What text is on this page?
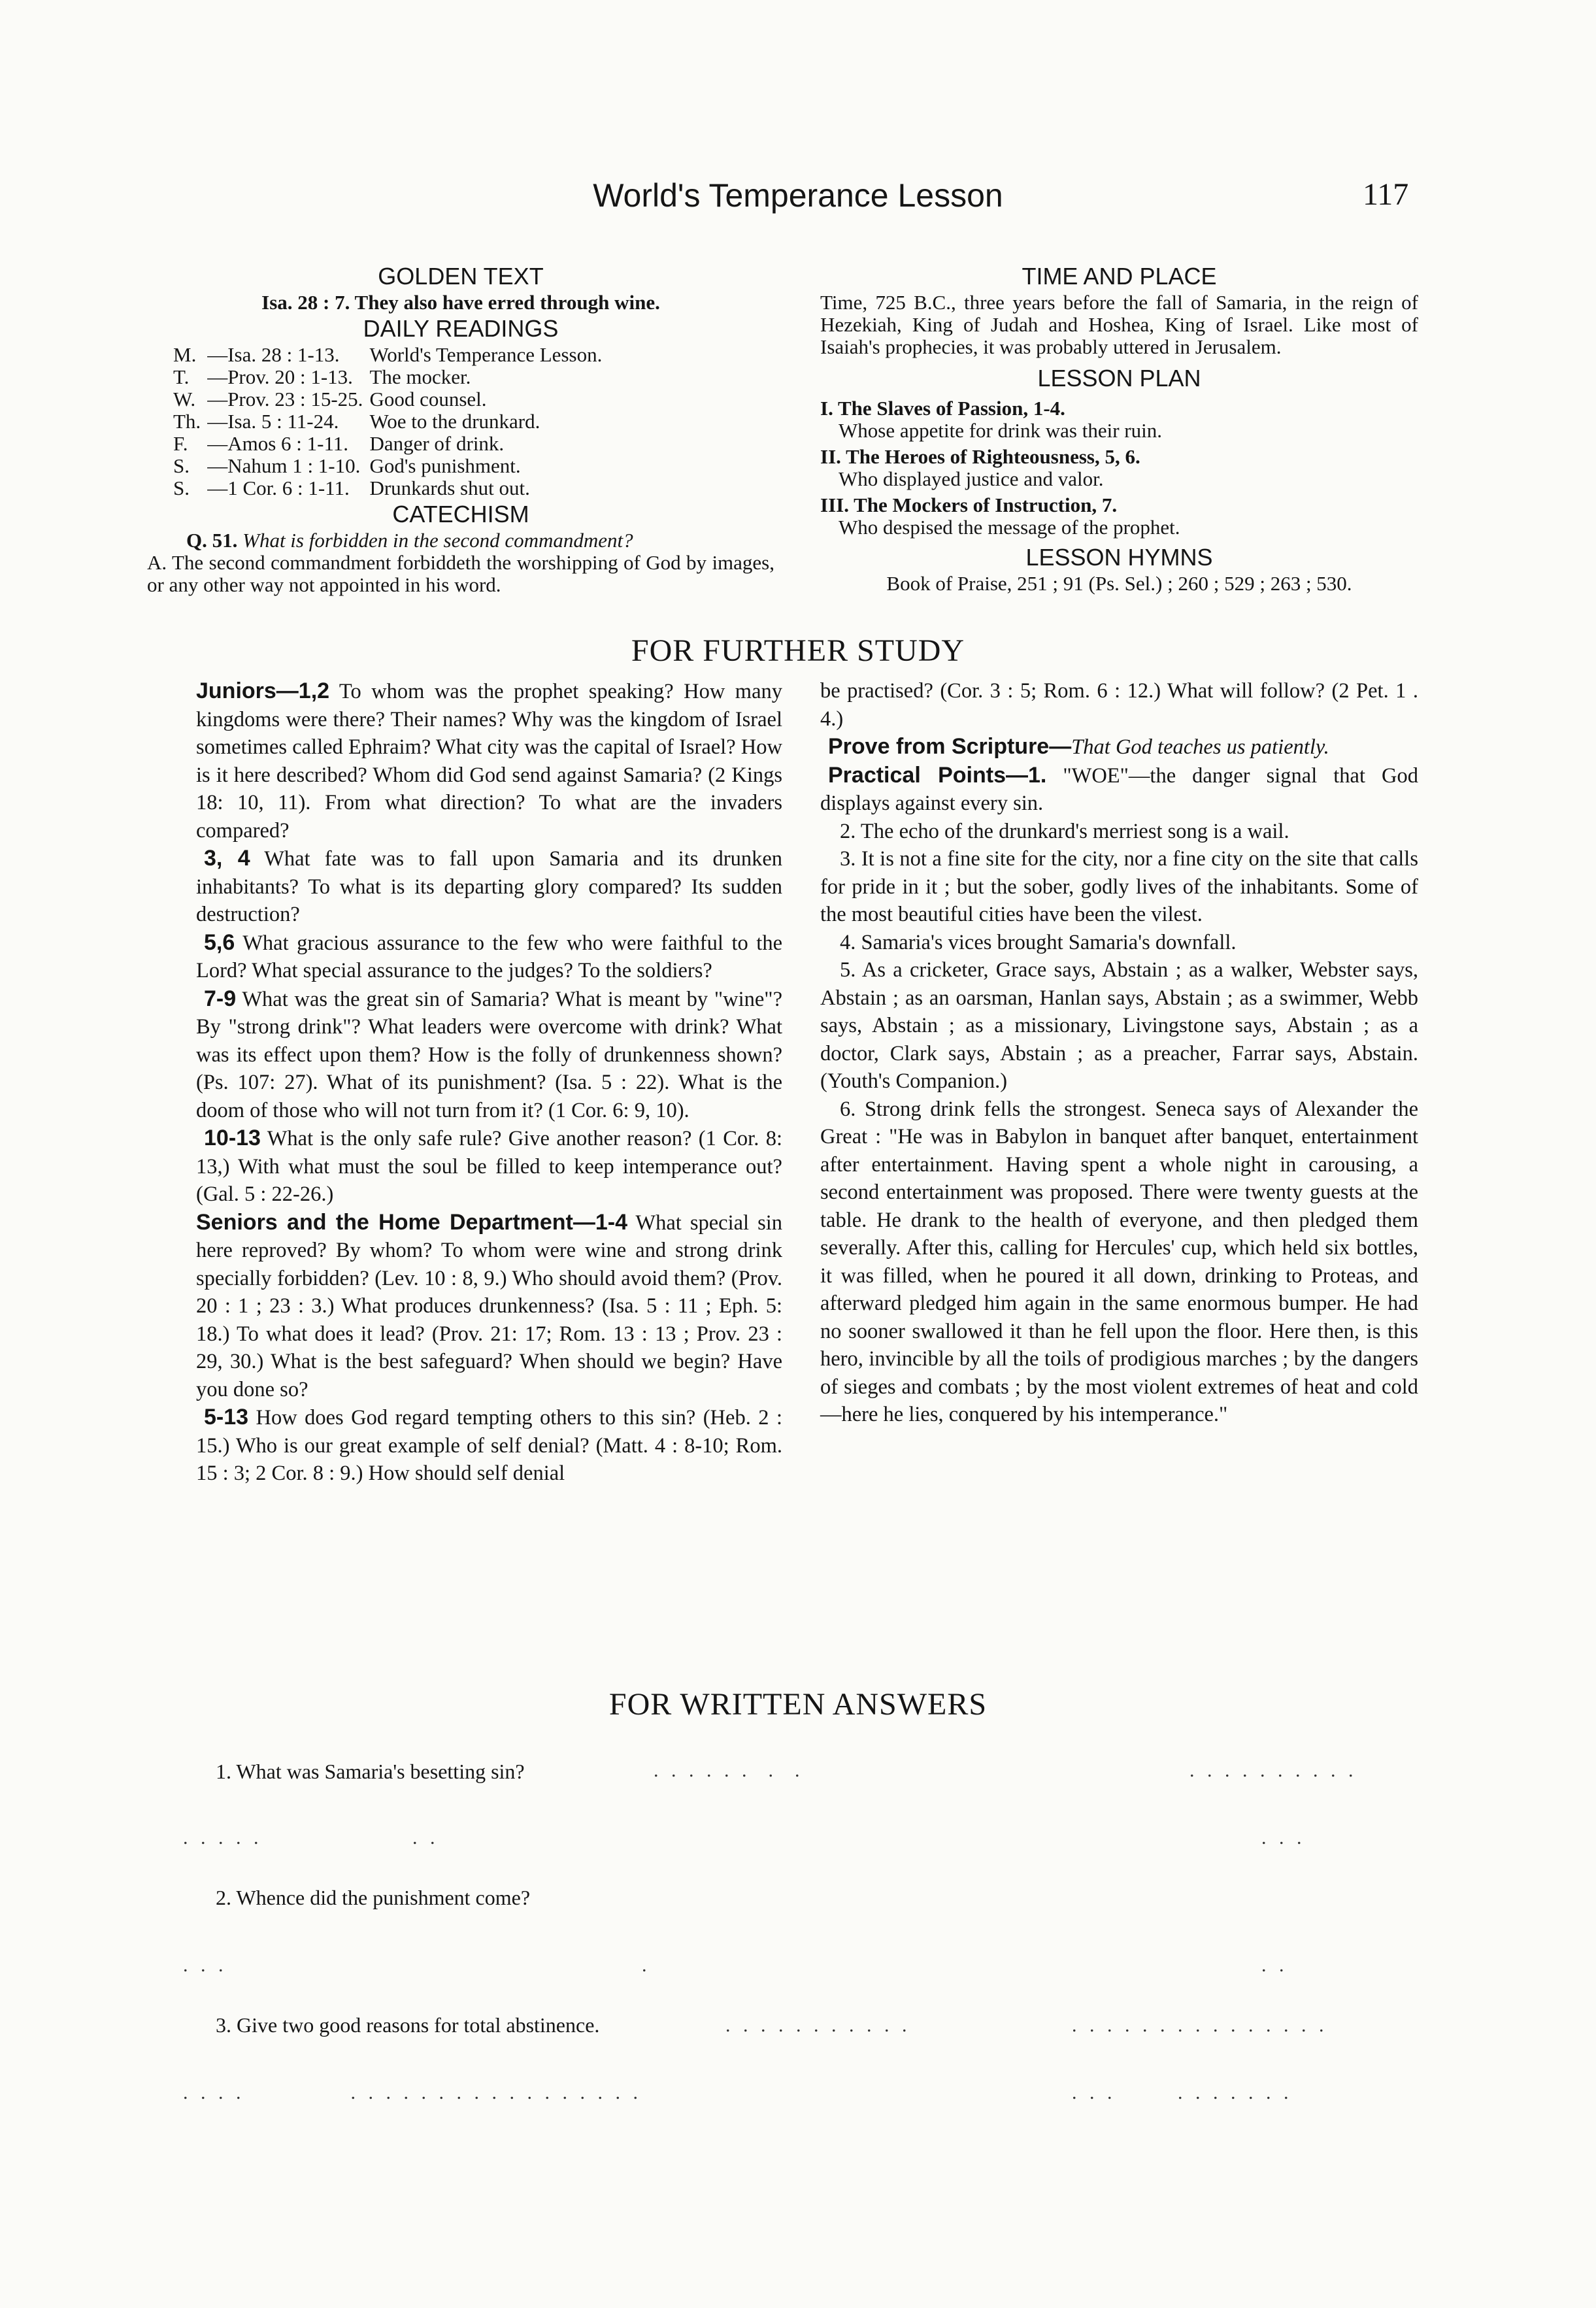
World's Temperance Lesson	117

GOLDEN TEXT

Isa. 28 : 7. They also have erred through wine.

DAILY READINGS

M.	—Isa. 28 : 1-13.	World's Temperance Lesson.
T.	—Prov. 20 : 1-13.	The mocker.
W.	—Prov. 23 : 15-25.	Good counsel.
Th.	—Isa. 5 : 11-24.	Woe to the drunkard.
F.	—Amos 6 : 1-11.	Danger of drink.
S.	—Nahum 1 : 1-10.	God's punishment.
S.	—1 Cor. 6 : 1-11.	Drunkards shut out.

CATECHISM

Q. 51. What is forbidden in the second commandment?
A. The second commandment forbiddeth the worshipping of God by images, or any other way not appointed in his word.

TIME AND PLACE

Time, 725 B.C., three years before the fall of Samaria, in the reign of Hezekiah, King of Judah and Hoshea, King of Israel. Like most of Isaiah's prophecies, it was probably uttered in Jerusalem.

LESSON PLAN

I. The Slaves of Passion, 1-4.
Whose appetite for drink was their ruin.
II. The Heroes of Righteousness, 5, 6.
Who displayed justice and valor.
III. The Mockers of Instruction, 7.
Who despised the message of the prophet.

LESSON HYMNS

Book of Praise, 251 ; 91 (Ps. Sel.) ; 260 ; 529 ; 263 ; 530.
FOR FURTHER STUDY

Juniors—1,2 To whom was the prophet speaking? How many kingdoms were there? Their names? Why was the kingdom of Israel sometimes called Ephraim? What city was the capital of Israel? How is it here described? Whom did God send against Samaria? (2 Kings 18: 10, 11). From what direction? To what are the invaders compared?

3, 4 What fate was to fall upon Samaria and its drunken inhabitants? To what is its departing glory compared? Its sudden destruction?

5,6 What gracious assurance to the few who were faithful to the Lord? What special assurance to the judges? To the soldiers?

7-9 What was the great sin of Samaria? What is meant by "wine"? By "strong drink"? What leaders were overcome with drink? What was its effect upon them? How is the folly of drunkenness shown? (Ps. 107: 27). What of its punishment? (Isa. 5 : 22). What is the doom of those who will not turn from it? (1 Cor. 6: 9, 10).

10-13 What is the only safe rule? Give another reason? (1 Cor. 8: 13,) With what must the soul be filled to keep intemperance out? (Gal. 5 : 22-26.)

Seniors and the Home Department—1-4 What special sin here reproved? By whom? To whom were wine and strong drink specially forbidden? (Lev. 10 : 8, 9.) Who should avoid them? (Prov. 20 : 1 ; 23 : 3.) What produces drunkenness? (Isa. 5 : 11 ; Eph. 5: 18.) To what does it lead? (Prov. 21: 17; Rom. 13 : 13 ; Prov. 23 : 29, 30.) What is the best safeguard? When should we begin? Have you done so?

5-13 How does God regard tempting others to this sin? (Heb. 2 : 15.) Who is our great example of self denial? (Matt. 4 : 8-10; Rom. 15 : 3; 2 Cor. 8 : 9.) How should self denial

be practised? (Cor. 3 : 5; Rom. 6 : 12.) What will follow? (2 Pet. 1 . 4.)

Prove from Scripture—That God teaches us patiently.

Practical Points—1. "WOE"—the danger signal that God displays against every sin.

2. The echo of the drunkard's merriest song is a wail.

3. It is not a fine site for the city, nor a fine city on the site that calls for pride in it ; but the sober, godly lives of the inhabitants. Some of the most beautiful cities have been the vilest.

4. Samaria's vices brought Samaria's downfall.

5. As a cricketer, Grace says, Abstain ; as a walker, Webster says, Abstain ; as an oarsman, Hanlan says, Abstain ; as a swimmer, Webb says, Abstain ; as a missionary, Livingstone says, Abstain ; as a doctor, Clark says, Abstain ; as a preacher, Farrar says, Abstain. (Youth's Companion.)

6. Strong drink fells the strongest. Seneca says of Alexander the Great : "He was in Babylon in banquet after banquet, entertainment after entertainment. Having spent a whole night in carousing, a second entertainment was proposed. There were twenty guests at the table. He drank to the health of everyone, and then pledged them severally. After this, calling for Hercules' cup, which held six bottles, it was filled, when he poured it all down, drinking to Proteas, and afterward pledged him again in the same enormous bumper. He had no sooner swallowed it than he fell upon the floor. Here then, is this hero, invincible by all the toils of prodigious marches ; by the dangers of sieges and combats ; by the most violent extremes of heat and cold—here he lies, conquered by his intemperance."

FOR WRITTEN ANSWERS
1. What was Samaria's besetting sin?	. . . . . .  .  .	. . . . . . . . . .
. . . . .                 . .	. . .
2. Whence did the punishment come?
. . .                                               .	. .
3. Give two good reasons for total abstinence.	. . . . . . . . . . .	. . . . . . . . . . . . . . .
. . . .            . . . . . . . . . . . . . . . . .	. . .       . . . . . . .
